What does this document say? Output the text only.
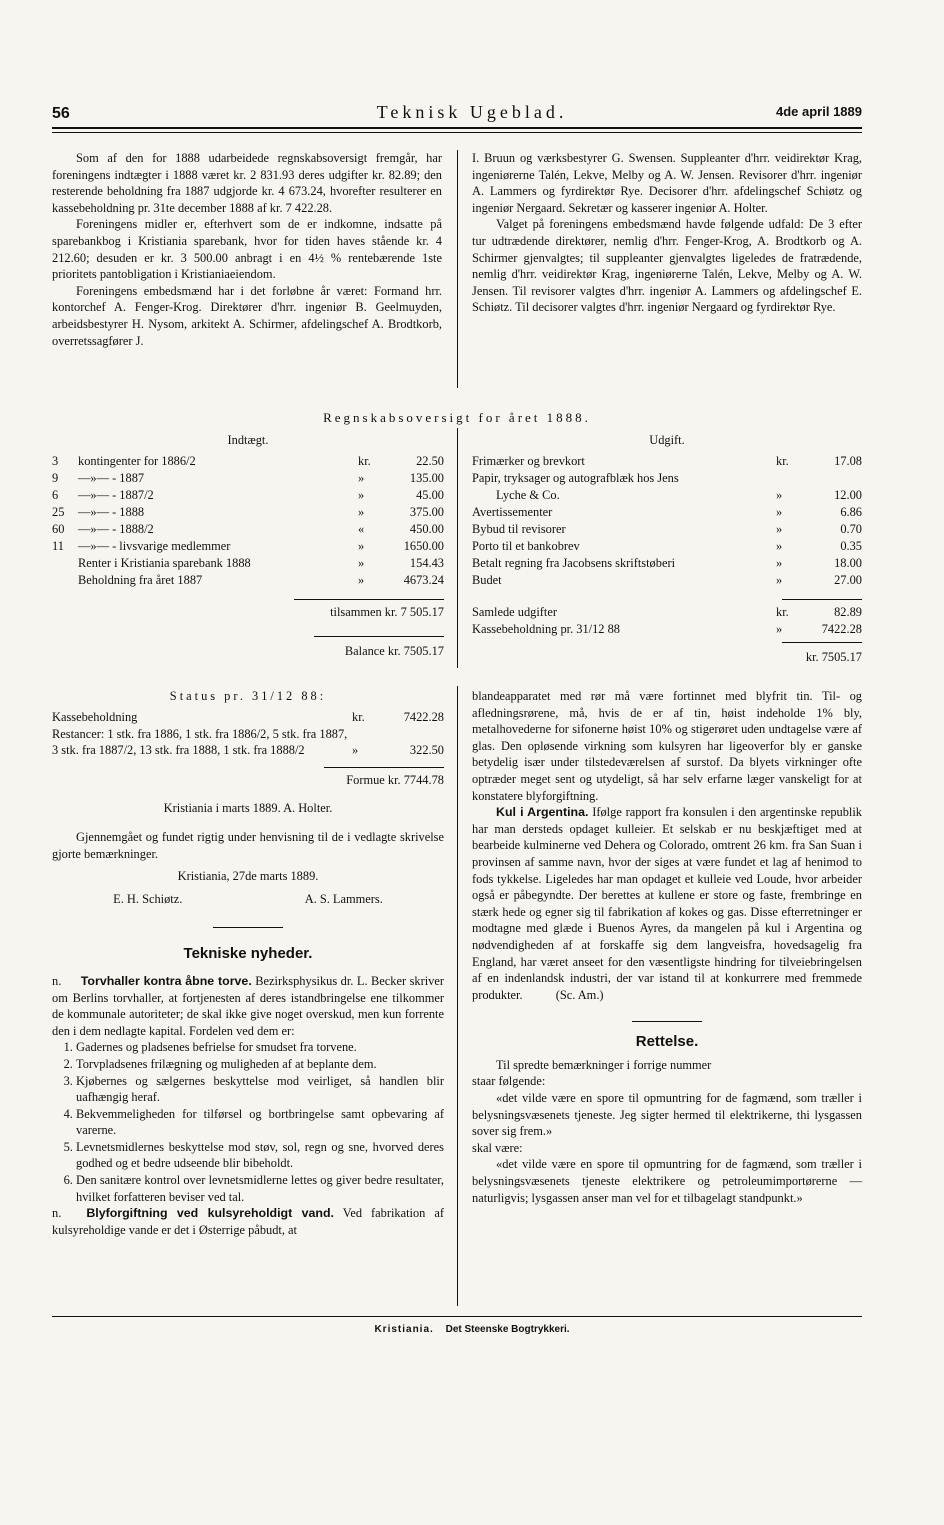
56	Teknisk Ugeblad.	4de april 1889

Som af den for 1888 udarbeidede regnskabsoversigt fremgår, har foreningens indtægter i 1888 været kr. 2 831.93 deres udgifter kr. 82.89; den resterende beholdning fra 1887 udgjorde kr. 4 673.24, hvorefter resulterer en kassebeholdning pr. 31te december 1888 af kr. 7 422.28.

Foreningens midler er, efterhvert som de er indkomne, indsatte på sparebankbog i Kristiania sparebank, hvor for tiden haves stående kr. 4 212.60; desuden er kr. 3 500.00 anbragt i en 4½ % rentebærende 1ste prioritets pantobligation i Kristianiaeiendom.

Foreningens embedsmænd har i det forløbne år været: Formand hrr. kontorchef A. Fenger-Krog. Direktører d'hrr. ingeniør B. Geelmuyden, arbeidsbestyrer H. Nysom, arkitekt A. Schirmer, afdelingschef A. Brodtkorb, overretssagfører J.

I. Bruun og værksbestyrer G. Swensen. Suppleanter d'hrr. veidirektør Krag, ingeniørerne Talén, Lekve, Melby og A. W. Jensen. Revisorer d'hrr. ingeniør A. Lammers og fyrdirektør Rye. Decisorer d'hrr. afdelingschef Schiøtz og ingeniør Nergaard. Sekretær og kasserer ingeniør A. Holter.

Valget på foreningens embedsmænd havde følgende udfald: De 3 efter tur udtrædende direktører, nemlig d'hrr. Fenger-Krog, A. Brodtkorb og A. Schirmer gjenvalgtes; til suppleanter gjenvalgtes ligeledes de fratrædende, nemlig d'hrr. veidirektør Krag, ingeniørerne Talén, Lekve, Melby og A. W. Jensen. Til revisorer valgtes d'hrr. ingeniør A. Lammers og afdelingschef E. Schiøtz. Til decisorer valgtes d'hrr. ingeniør Nergaard og fyrdirektør Rye.

Regnskabsoversigt for året 1888.
Indtægt.
3	kontingenter for 1886/2	kr.	22.50
9	—»— - 1887	»	135.00
6	—»— - 1887/2	»	45.00
25	—»— - 1888	»	375.00
60	—»— - 1888/2	«	450.00
11	—»— - livsvarige medlemmer	»	1650.00
	Renter i Kristiania sparebank 1888	»	154.43
	Beholdning fra året 1887	»	4673.24
tilsammen kr. 7 505.17
Balance kr. 7505.17
Udgift.
Frimærker og brevkort	kr.	17.08
Papir, tryksager og autografblæk hos Jens		
Lyche & Co.	»	12.00
Avertissementer	»	6.86
Bybud til revisorer	»	0.70
Porto til et bankobrev	»	0.35
Betalt regning fra Jacobsens skriftstøberi	»	18.00
Budet	»	27.00
Samlede udgifter	kr.	82.89
Kassebeholdning pr. 31/12 88	»	7422.28
kr. 7505.17
Status pr. 31/12 88:
Kassebeholdning	kr.	7422.28
Restancer: 1 stk. fra 1886, 1 stk. fra 1886/2, 5 stk. fra 1887, 3 stk. fra 1887/2, 13 stk. fra 1888, 1 stk. fra 1888/2	»	322.50
Formue kr. 7744.78
Kristiania i marts 1889. A. Holter.

Gjennemgået og fundet rigtig under henvisning til de i vedlagte skrivelse gjorte bemærkninger.

Kristiania, 27de marts 1889.
E. H. Schiøtz.	A. S. Lammers.
Tekniske nyheder.

n. Torvhaller kontra åbne torve. Bezirksphysikus dr. L. Becker skriver om Berlins torvhaller, at fortjenesten af deres istandbringelse ene tilkommer de kommunale autoriteter; de skal ikke give noget overskud, men kun forrente den i dem nedlagte kapital. Fordelen ved dem er:

1. Gadernes og pladsenes befrielse for smudset fra torvene.
2. Torvpladsenes frilægning og muligheden af at beplante dem.
3. Kjøbernes og sælgernes beskyttelse mod veirliget, så handlen blir uafhængig heraf.
4. Bekvemmeligheden for tilførsel og bortbringelse samt opbevaring af varerne.
5. Levnetsmidlernes beskyttelse mod støv, sol, regn og sne, hvorved deres godhed og et bedre udseende blir bibeholdt.
6. Den sanitære kontrol over levnetsmidlerne lettes og giver bedre resultater, hvilket forfatteren beviser ved tal.

n. Blyforgiftning ved kulsyreholdigt vand. Ved fabrikation af kulsyreholdige vande er det i Østerrige påbudt, at

blandeapparatet med rør må være fortinnet med blyfrit tin. Til- og afledningsrørene, må, hvis de er af tin, høist indeholde 1% bly, metalhovederne for sifonerne høist 10% og stigerøret uden undtagelse være af glas. Den opløsende virkning som kulsyren har ligeoverfor bly er ganske betydelig især under tilstedeværelsen af surstof. Da blyets virkninger ofte optræder meget sent og utydeligt, så har selv erfarne læger vanskeligt for at konstatere blyforgiftning.

Kul i Argentina. Ifølge rapport fra konsulen i den argentinske republik har man dersteds opdaget kulleier. Et selskab er nu beskjæftiget med at bearbeide kulminerne ved Dehera og Colorado, omtrent 26 km. fra San Suan i provinsen af samme navn, hvor der siges at være fundet et lag af henimod to fods tykkelse. Ligeledes har man opdaget et kulleie ved Loude, hvor arbeider også er påbegyndte. Der berettes at kullene er store og faste, frembringe en stærk hede og egner sig til fabrikation af kokes og gas. Disse efterretninger er modtagne med glæde i Buenos Ayres, da mangelen på kul i Argentina og nødvendigheden af at forskaffe sig dem langveisfra, hovedsagelig fra England, har været anseet for den væsentligste hindring for tilveiebringelsen af en indenlandsk industri, der var istand til at konkurrere med fremmede produkter.	(Sc. Am.)

Rettelse.

Til spredte bemærkninger i forrige nummer

staar følgende:

«det vilde være en spore til opmuntring for de fagmænd, som træller i belysningsvæsenets tjeneste. Jeg sigter hermed til elektrikerne, thi lysgassen sover sig frem.»

skal være:

«det vilde være en spore til opmuntring for de fagmænd, som træller i belysningsvæsenets tjeneste elektrikere og petroleumimportørerne — naturligvis; lysgassen anser man vel for et tilbagelagt standpunkt.»

Kristiania. Det Steenske Bogtrykkeri.
